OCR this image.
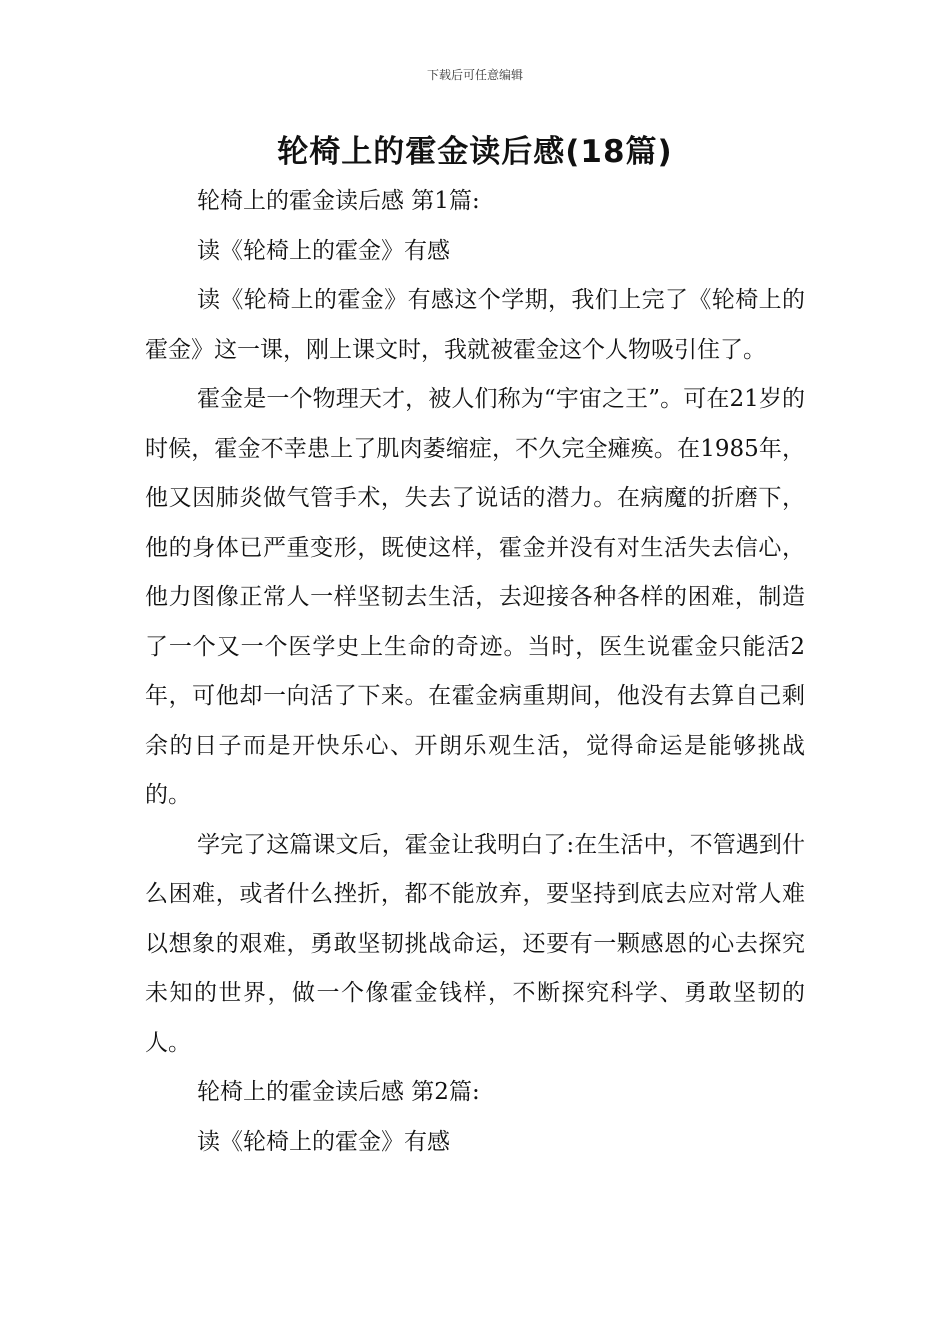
下载后可任意编辑
轮椅上的霍金读后感(18篇)

轮椅上的霍金读后感 第1篇:

读《轮椅上的霍金》有感

读《轮椅上的霍金》有感这个学期，我们上完了《轮椅上的霍金》这一课，刚上课文时，我就被霍金这个人物吸引住了。

霍金是一个物理天才，被人们称为“宇宙之王”。可在21岁的时候，霍金不幸患上了肌肉萎缩症，不久完全瘫痪。在1985年，他又因肺炎做气管手术，失去了说话的潜力。在病魔的折磨下，他的身体已严重变形，既使这样，霍金并没有对生活失去信心，他力图像正常人一样坚韧去生活，去迎接各种各样的困难，制造了一个又一个医学史上生命的奇迹。当时，医生说霍金只能活2年，可他却一向活了下来。在霍金病重期间，他没有去算自己剩余的日子而是开快乐心、开朗乐观生活，觉得命运是能够挑战的。

学完了这篇课文后，霍金让我明白了:在生活中，不管遇到什么困难，或者什么挫折，都不能放弃，要坚持到底去应对常人难以想象的艰难，勇敢坚韧挑战命运，还要有一颗感恩的心去探究未知的世界，做一个像霍金钱样，不断探究科学、勇敢坚韧的人。

轮椅上的霍金读后感 第2篇:

读《轮椅上的霍金》有感
